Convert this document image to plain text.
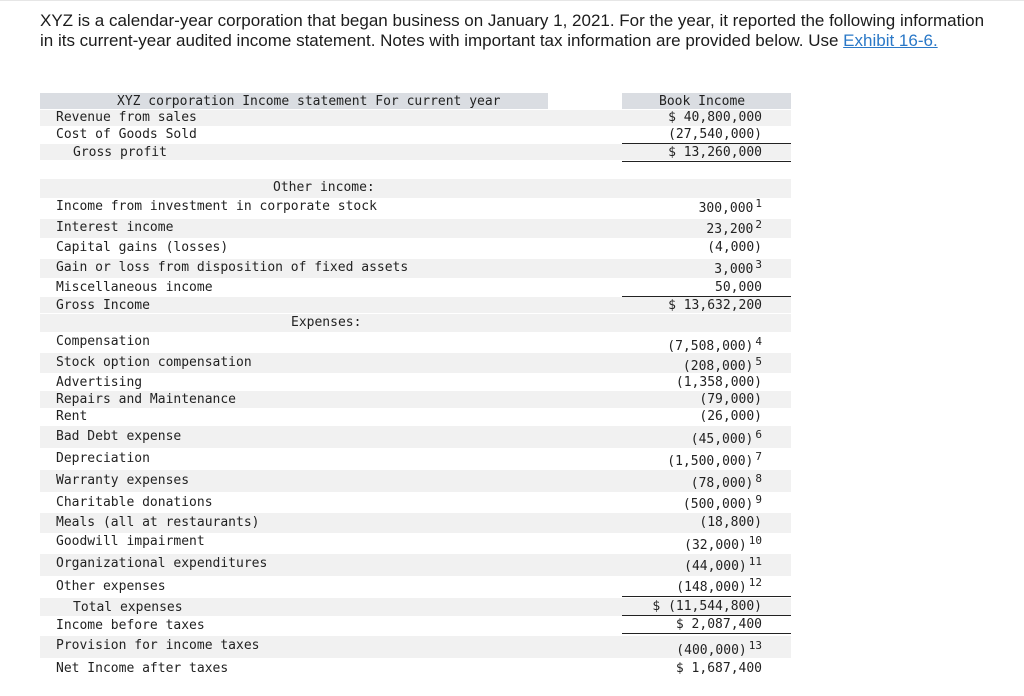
XYZ is a calendar-year corporation that began business on January 1, 2021. For the year, it reported the following information in its current-year audited income statement. Notes with important tax information are provided below. Use Exhibit 16-6.

XYZ corporation Income statement For current year	Book Income
Revenue from sales	$ 40,800,000
Cost of Goods Sold	(27,540,000)
Gross profit	$ 13,260,000
Other income:
Income from investment in corporate stock	300,000 $^1$
Interest income	23,200 $^2$
Capital gains (losses)	(4,000)
Gain or loss from disposition of fixed assets	3,000 $^3$
Miscellaneous income	50,000
Gross Income	$ 13,632,200
Expenses:
Compensation	(7,508,000) $^4$
Stock option compensation	(208,000) $^5$
Advertising	(1,358,000)
Repairs and Maintenance	(79,000)
Rent	(26,000)
Bad Debt expense	(45,000) $^6$
Depreciation	(1,500,000) $^7$
Warranty expenses	(78,000) $^8$
Charitable donations	(500,000) $^9$
Meals (all at restaurants)	(18,800)
Goodwill impairment	(32,000) $^{10}$
Organizational expenditures	(44,000) $^{11}$
Other expenses	(148,000) $^{12}$
Total expenses	$ (11,544,800)
Income before taxes	$ 2,087,400
Provision for income taxes	(400,000) $^{13}$
Net Income after taxes	$ 1,687,400
